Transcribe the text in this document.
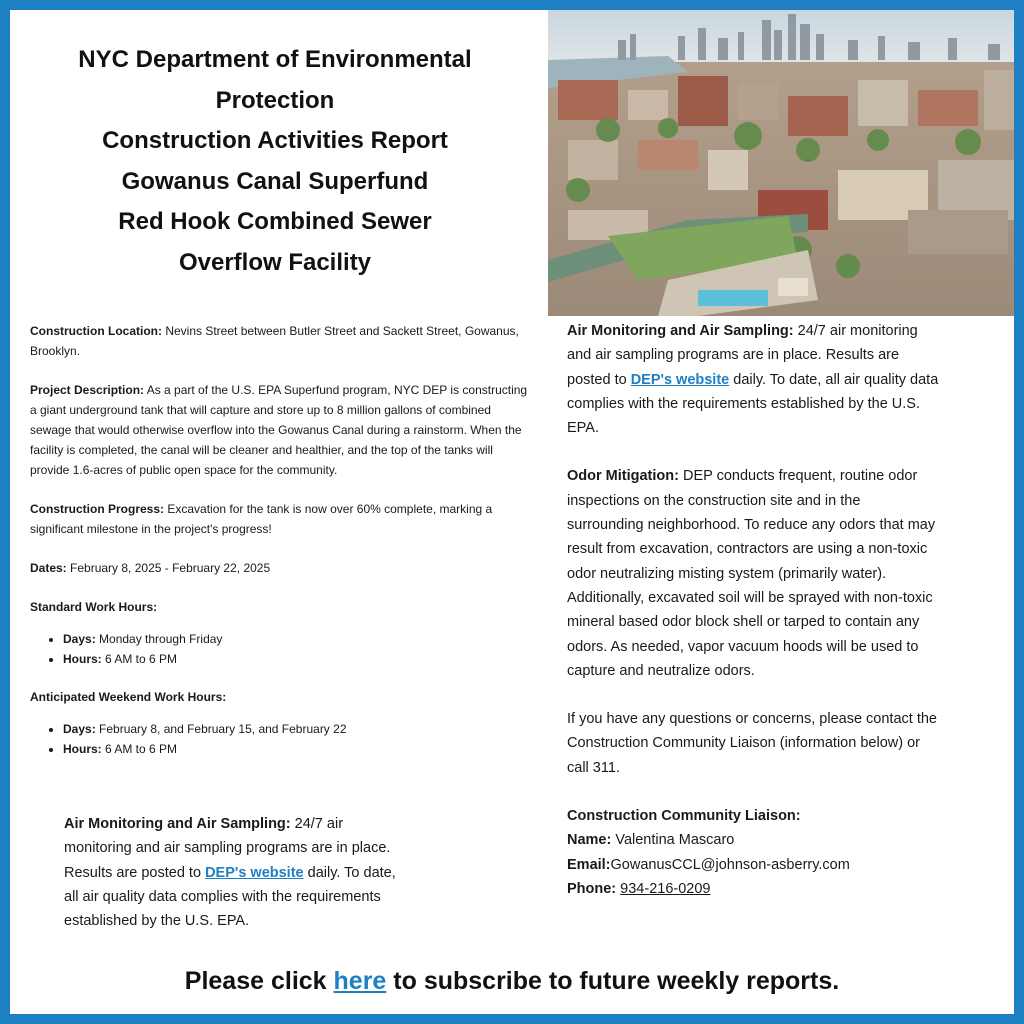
NYC Department of Environmental
Protection
Construction Activities Report
Gowanus Canal Superfund
Red Hook Combined Sewer
Overflow Facility

Construction Location: Nevins Street between Butler Street and Sackett Street, Gowanus, Brooklyn.

Project Description: As a part of the U.S. EPA Superfund program, NYC DEP is constructing a giant underground tank that will capture and store up to 8 million gallons of combined sewage that would otherwise overflow into the Gowanus Canal during a rainstorm. When the facility is completed, the canal will be cleaner and healthier, and the top of the tanks will provide 1.6-acres of public open space for the community.

Construction Progress: Excavation for the tank is now over 60% complete, marking a significant milestone in the project's progress!

Dates: February 8, 2025 - February 22, 2025

Standard Work Hours:
• Days: Monday through Friday
• Hours: 6 AM to 6 PM
Anticipated Weekend Work Hours:
• Days: February 8, and February 15, and February 22
• Hours: 6 AM to 6 PM
Air Monitoring and Air Sampling: 24/7 air monitoring and air sampling programs are in place. Results are posted to DEP's website daily. To date, all air quality data complies with the requirements established by the U.S. EPA.

Air Monitoring and Air Sampling: 24/7 air monitoring and air sampling programs are in place. Results are posted to DEP's website daily. To date, all air quality data complies with the requirements established by the U.S. EPA.

Odor Mitigation: DEP conducts frequent, routine odor inspections on the construction site and in the surrounding neighborhood. To reduce any odors that may result from excavation, contractors are using a non-toxic odor neutralizing misting system (primarily water). Additionally, excavated soil will be sprayed with non-toxic mineral based odor block shell or tarped to contain any odors. As needed, vapor vacuum hoods will be used to capture and neutralize odors.

If you have any questions or concerns, please contact the Construction Community Liaison (information below) or call 311.

Construction Community Liaison:
Name: Valentina Mascaro
Email:GowanusCCL@johnson-asberry.com
Phone: 934-216-0209
Please click here to subscribe to future weekly reports.
